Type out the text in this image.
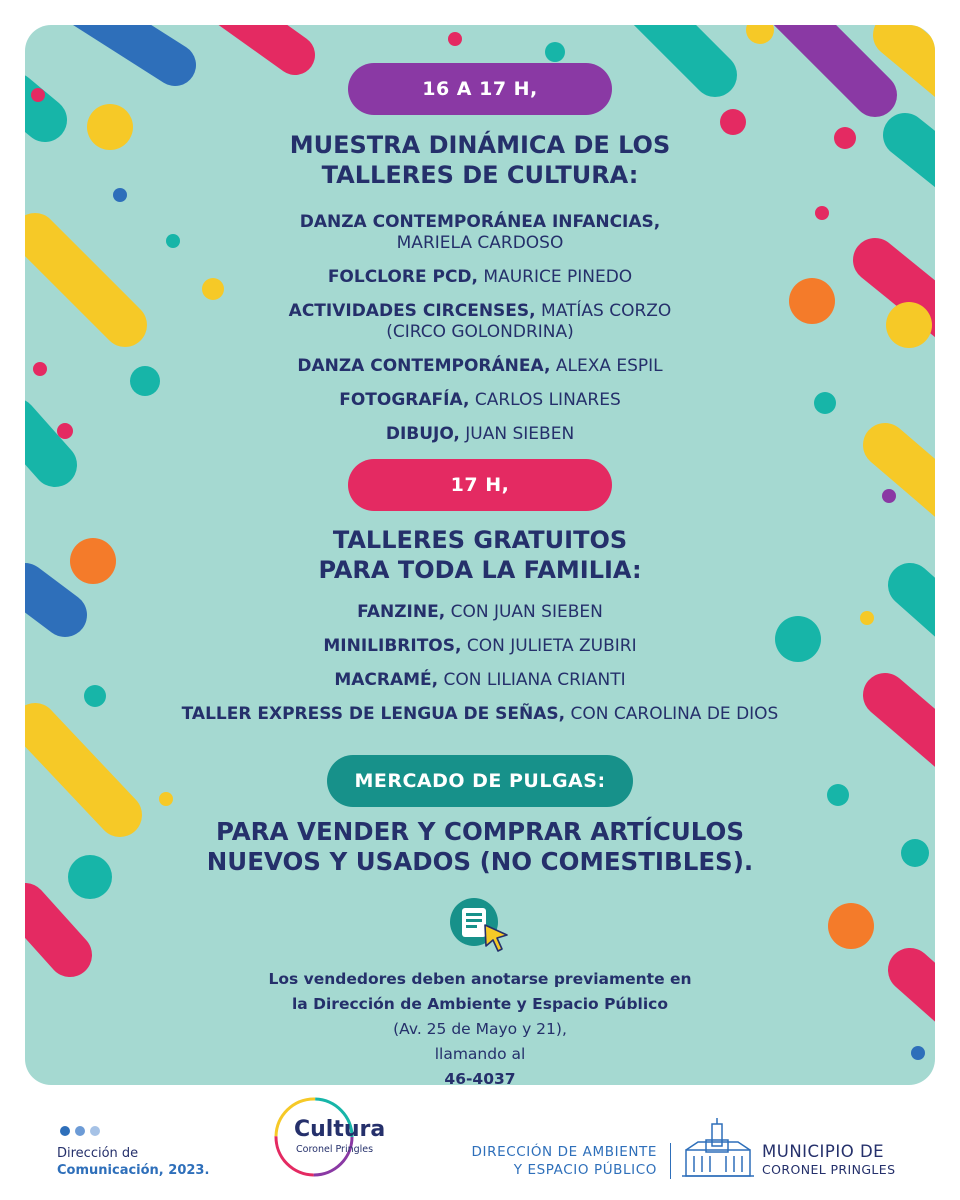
16 A 17 H,
MUESTRA DINÁMICA DE LOS
TALLERES DE CULTURA:
DANZA CONTEMPORÁNEA INFANCIAS,
MARIELA CARDOSO
FOLCLORE PCD, MAURICE PINEDO
ACTIVIDADES CIRCENSES, MATÍAS CORZO
(CIRCO GOLONDRINA)
DANZA CONTEMPORÁNEA, ALEXA ESPIL
FOTOGRAFÍA, CARLOS LINARES
DIBUJO, JUAN SIEBEN
17 H,
TALLERES GRATUITOS
PARA TODA LA FAMILIA:
FANZINE, CON JUAN SIEBEN
MINILIBRITOS, CON JULIETA ZUBIRI
MACRAMÉ, CON LILIANA CRIANTI
TALLER EXPRESS DE LENGUA DE SEÑAS, CON CAROLINA DE DIOS
MERCADO DE PULGAS:
PARA VENDER Y COMPRAR ARTÍCULOS
NUEVOS Y USADOS (NO COMESTIBLES).
Los vendedores deben anotarse previamente en
la Dirección de Ambiente y Espacio Público
(Av. 25 de Mayo y 21),
llamando al
46-4037
Dirección de
Comunicación, 2023.
Cultura
Coronel Pringles	DIRECCIÓN DE AMBIENTE
Y ESPACIO PÚBLICO
MUNICIPIO DE
CORONEL PRINGLES
